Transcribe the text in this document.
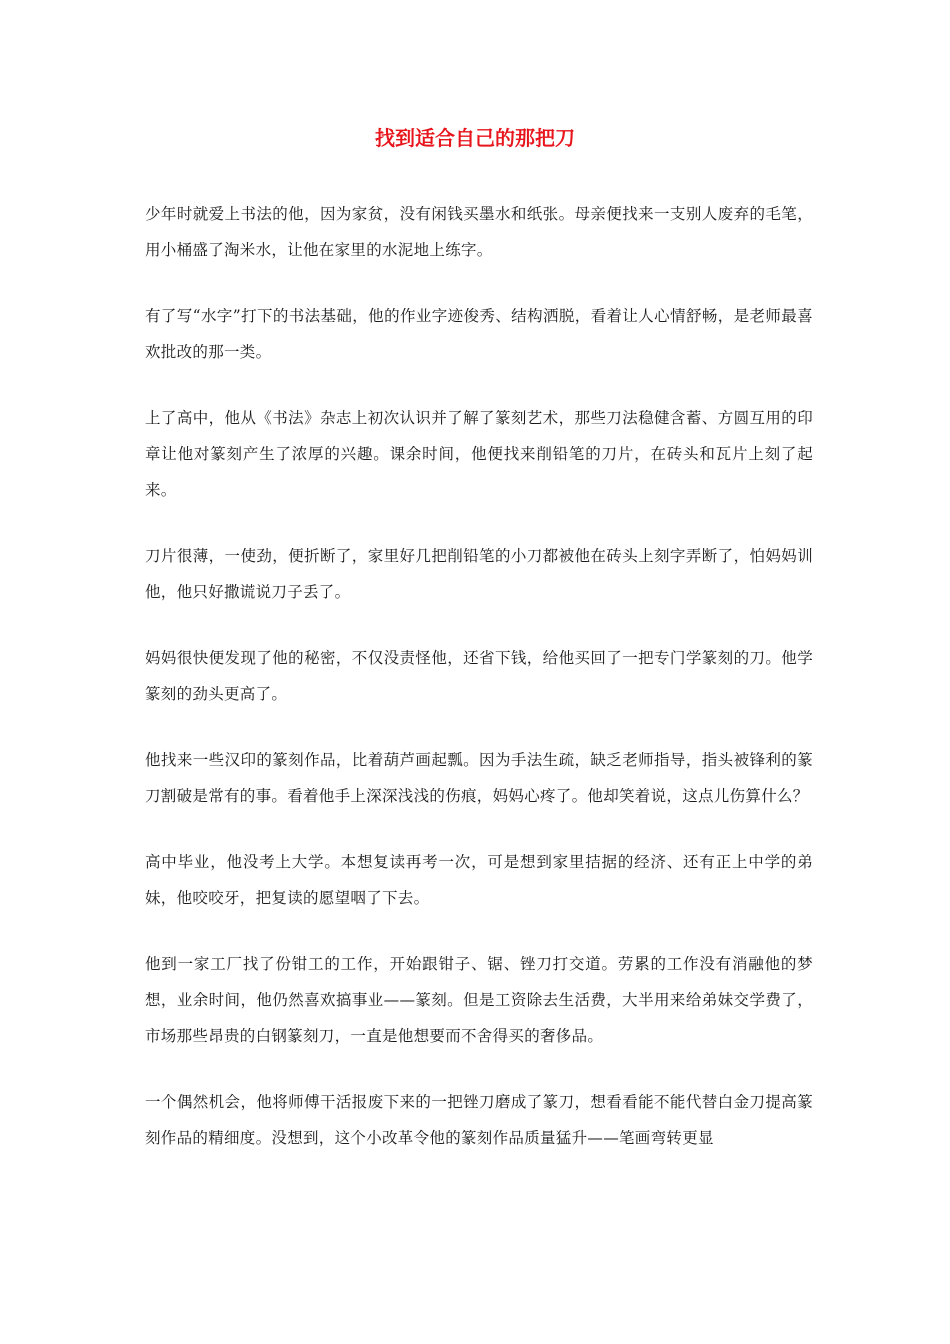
找到适合自己的那把刀

少年时就爱上书法的他，因为家贫，没有闲钱买墨水和纸张。母亲便找来一支别人废弃的毛笔，用小桶盛了淘米水，让他在家里的水泥地上练字。

有了写“水字”打下的书法基础，他的作业字迹俊秀、结构洒脱，看着让人心情舒畅，是老师最喜欢批改的那一类。

上了高中，他从《书法》杂志上初次认识并了解了篆刻艺术，那些刀法稳健含蓄、方圆互用的印章让他对篆刻产生了浓厚的兴趣。课余时间，他便找来削铅笔的刀片，在砖头和瓦片上刻了起来。

刀片很薄，一使劲，便折断了，家里好几把削铅笔的小刀都被他在砖头上刻字弄断了，怕妈妈训他，他只好撒谎说刀子丢了。

妈妈很快便发现了他的秘密，不仅没责怪他，还省下钱，给他买回了一把专门学篆刻的刀。他学篆刻的劲头更高了。

他找来一些汉印的篆刻作品，比着葫芦画起瓢。因为手法生疏，缺乏老师指导，指头被锋利的篆刀割破是常有的事。看着他手上深深浅浅的伤痕，妈妈心疼了。他却笑着说，这点儿伤算什么？

高中毕业，他没考上大学。本想复读再考一次，可是想到家里拮据的经济、还有正上中学的弟妹，他咬咬牙，把复读的愿望咽了下去。

他到一家工厂找了份钳工的工作，开始跟钳子、锯、锉刀打交道。劳累的工作没有消融他的梦想，业余时间，他仍然喜欢搞事业——篆刻。但是工资除去生活费，大半用来给弟妹交学费了，市场那些昂贵的白钢篆刻刀，一直是他想要而不舍得买的奢侈品。

一个偶然机会，他将师傅干活报废下来的一把锉刀磨成了篆刀，想看看能不能代替白金刀提高篆刻作品的精细度。没想到，这个小改革令他的篆刻作品质量猛升——笔画弯转更显
